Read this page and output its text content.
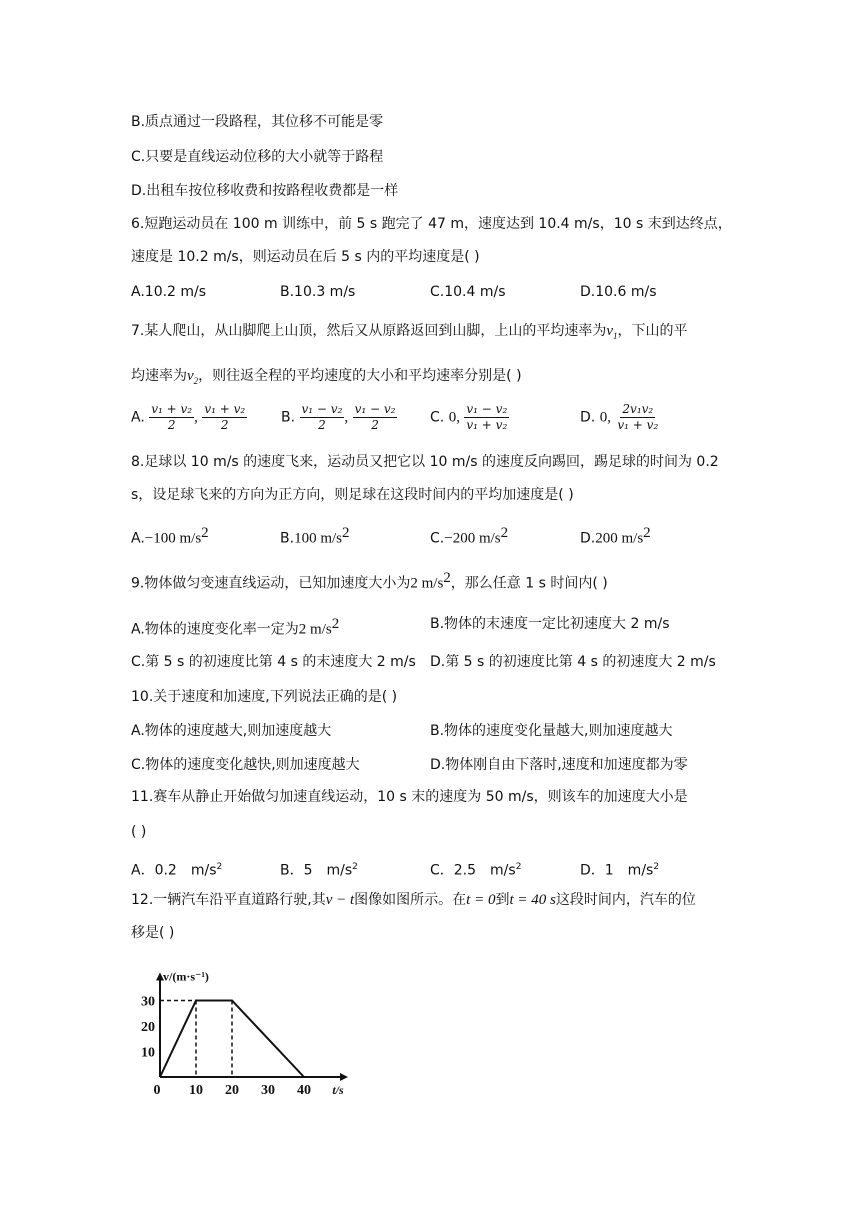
B.质点通过一段路程，其位移不可能是零
C.只要是直线运动位移的大小就等于路程
D.出租车按位移收费和按路程收费都是一样
6.短跑运动员在 100 m 训练中，前 5 s 跑完了 47 m，速度达到 10.4 m/s，10 s 末到达终点，
速度是 10.2 m/s，则运动员在后 5 s 内的平均速度是( )
A.10.2 m/s	B.10.3 m/s	C.10.4 m/s	D.10.6 m/s
7.某人爬山，从山脚爬上山顶，然后又从原路返回到山脚，上山的平均速率为$v_1$，下山的平
均速率为$v_2$，则往返全程的平均速度的大小和平均速率分别是( )
A. $\frac{\text{v₁ + v₂}}{2}$ , $\frac{\text{v₁ + v₂}}{2} B$. $\frac{\text{v₁ − v₂}}{2}$ , $\frac{\text{v₁ − v₂}}{2} C$. 0, $\frac{\text{v₁ − v₂}}{\text{v₁ + v₂}}$	D. 0, $\frac{\text{2v₁v₂}}{\text{v₁ + v₂}}$
8.足球以 10 m/s 的速度飞来，运动员又把它以 10 m/s 的速度反向踢回，踢足球的时间为 0.2
s，设足球飞来的方向为正方向，则足球在这段时间内的平均加速度是( )
A.−100 $m/s^2$	B.100 $m/s^2$	C.−200 $m/s^2$	D.200 $m/s^2$
9.物体做匀变速直线运动，已知加速度大小为2 $m/s^2$，那么任意 1 s 时间内( )
A.物体的速度变化率一定为2 $m/s^2$	B.物体的末速度一定比初速度大 2 m/s
C.第 5 s 的初速度比第 4 s 的末速度大 2 m/s D.第 5 s 的初速度比第 4 s 的初速度大 2 m/s
10.关于速度和加速度,下列说法正确的是( )
A.物体的速度越大,则加速度越大	B.物体的速度变化量越大,则加速度越大
C.物体的速度变化越快,则加速度越大	D.物体刚自由下落时,速度和加速度都为零
11.赛车从静止开始做匀加速直线运动，10 s 末的速度为 50 m/s，则该车的加速度大小是
( )
A．0.2　$m/s^2$	B．5　$m/s^2$	C．2.5　$m/s^2$	D．1　$m/s^2$
12.一辆汽车沿平直道路行驶,其v − t图像如图所示。在t = 0到t = 40 s这段时间内，汽车的位
移是( )
0 10 20 30 40
10
20
30
t/s
v/(m·s⁻¹)
